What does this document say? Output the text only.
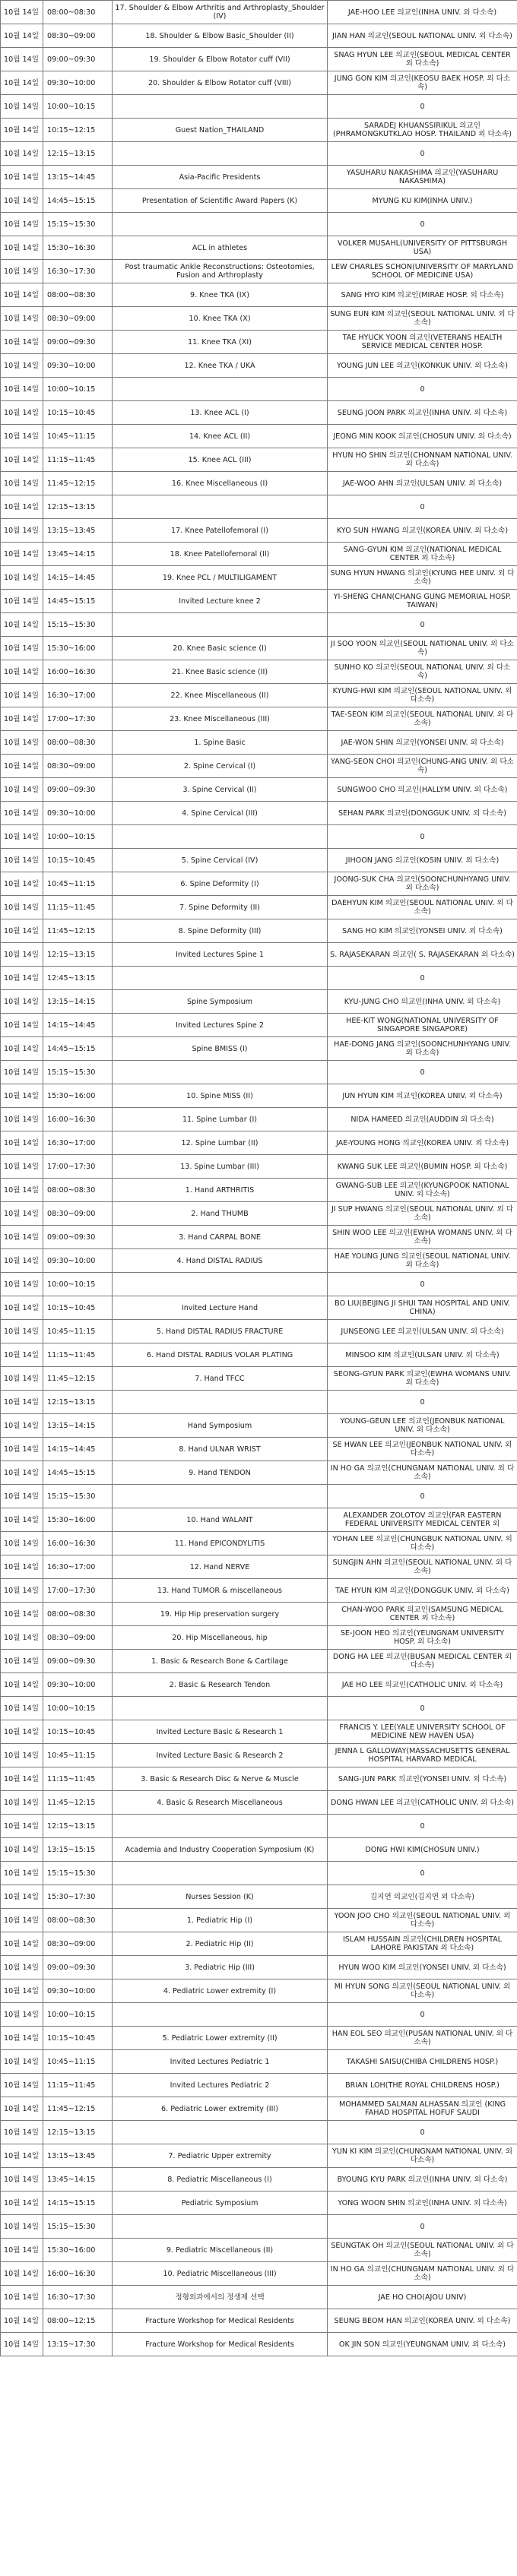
10월 14일	08:00~08:30	17. Shoulder & Elbow Arthritis and Arthroplasty_Shoulder (IV)	JAE-HOO LEE 의교인(INHA UNIV. 외 다소속)
10월 14일	08:30~09:00	18. Shoulder & Elbow Basic_Shoulder (II)	JIAN HAN 의교인(SEOUL NATIONAL UNIV. 외 다소속)
10월 14일	09:00~09:30	19. Shoulder & Elbow Rotator cuff (VII)	SNAG HYUN LEE 의교인(SEOUL MEDICAL CENTER 외 다소속)
10월 14일	09:30~10:00	20. Shoulder & Elbow Rotator cuff (VIII)	JUNG GON KIM 의교인(KEOSU BAEK HOSP. 외 다소속)
10월 14일	10:00~10:15		0
10월 14일	10:15~12:15	Guest Nation_THAILAND	SARADEJ KHUANSSIRIKUL 의교인 (PHRAMONGKUTKLAO HOSP. THAILAND 외 다소속)
10월 14일	12:15~13:15		0
10월 14일	13:15~14:45	Asia-Pacific Presidents	YASUHARU NAKASHIMA 의교인(YASUHARU NAKASHIMA)
10월 14일	14:45~15:15	Presentation of Scientific Award Papers (K)	MYUNG KU KIM(INHA UNIV.)
10월 14일	15:15~15:30		0
10월 14일	15:30~16:30	ACL in athletes	VOLKER MUSAHL(UNIVERSITY OF PITTSBURGH USA)
10월 14일	16:30~17:30	Post traumatic Ankle Reconstructions: Osteotomies, Fusion and Arthroplasty	LEW CHARLES SCHON(UNIVERSITY OF MARYLAND SCHOOL OF MEDICINE USA)
10월 14일	08:00~08:30	9. Knee TKA (IX)	SANG HYO KIM 의교인(MIRAE HOSP. 외 다소속)
10월 14일	08:30~09:00	10. Knee TKA (X)	SUNG EUN KIM 의교인(SEOUL NATIONAL UNIV. 외 다소속)
10월 14일	09:00~09:30	11. Knee TKA (XI)	TAE HYUCK YOON 의교인(VETERANS HEALTH SERVICE MEDICAL CENTER HOSP.
10월 14일	09:30~10:00	12. Knee TKA / UKA	YOUNG JUN LEE 의교인(KONKUK UNIV. 외 다소속)
10월 14일	10:00~10:15		0
10월 14일	10:15~10:45	13. Knee ACL (I)	SEUNG JOON PARK 의교인(INHA UNIV. 외 다소속)
10월 14일	10:45~11:15	14. Knee ACL (II)	JEONG MIN KOOK 의교인(CHOSUN UNIV. 외 다소속)
10월 14일	11:15~11:45	15. Knee ACL (III)	HYUN HO SHIN 의교인(CHONNAM NATIONAL UNIV. 외 다소속)
10월 14일	11:45~12:15	16. Knee Miscellaneous (I)	JAE-WOO AHN 의교인(ULSAN UNIV. 외 다소속)
10월 14일	12:15~13:15		0
10월 14일	13:15~13:45	17. Knee Patellofemoral (I)	KYO SUN HWANG 의교인(KOREA UNIV. 외 다소속)
10월 14일	13:45~14:15	18. Knee Patellofemoral (II)	SANG-GYUN KIM 의교인(NATIONAL MEDICAL CENTER 외 다소속)
10월 14일	14:15~14:45	19. Knee PCL / MULTILIGAMENT	SUNG HYUN HWANG 의교인(KYUNG HEE UNIV. 외 다소속)
10월 14일	14:45~15:15	Invited Lecture knee 2	YI-SHENG CHAN(CHANG GUNG MEMORIAL HOSP. TAIWAN)
10월 14일	15:15~15:30		0
10월 14일	15:30~16:00	20. Knee Basic science (I)	JI SOO YOON 의교인(SEOUL NATIONAL UNIV. 외 다소속)
10월 14일	16:00~16:30	21. Knee Basic science (II)	SUNHO KO 의교인(SEOUL NATIONAL UNIV. 외 다소속)
10월 14일	16:30~17:00	22. Knee Miscellaneous (II)	KYUNG-HWI KIM 의교인(SEOUL NATIONAL UNIV. 외 다소속)
10월 14일	17:00~17:30	23. Knee Miscellaneous (III)	TAE-SEON KIM 의교인(SEOUL NATIONAL UNIV. 외 다소속)
10월 14일	08:00~08:30	1. Spine Basic	JAE-WON SHIN 의교인(YONSEI UNIV. 외 다소속)
10월 14일	08:30~09:00	2. Spine Cervical (I)	YANG-SEON CHOI 의교인(CHUNG-ANG UNIV. 외 다소속)
10월 14일	09:00~09:30	3. Spine Cervical (II)	SUNGWOO CHO 의교인(HALLYM UNIV. 외 다소속)
10월 14일	09:30~10:00	4. Spine Cervical (III)	SEHAN PARK 의교인(DONGGUK UNIV. 외 다소속)
10월 14일	10:00~10:15		0
10월 14일	10:15~10:45	5. Spine Cervical (IV)	JIHOON JANG 의교인(KOSIN UNIV. 외 다소속)
10월 14일	10:45~11:15	6. Spine Deformity (I)	JOONG-SUK CHA 의교인(SOONCHUNHYANG UNIV. 외 다소속)
10월 14일	11:15~11:45	7. Spine Deformity (II)	DAEHYUN KIM 의교인(SEOUL NATIONAL UNIV. 외 다소속)
10월 14일	11:45~12:15	8. Spine Deformity (III)	SANG HO KIM 의교인(YONSEI UNIV. 외 다소속)
10월 14일	12:15~13:15	Invited Lectures Spine 1	S. RAJASEKARAN 의교인( S. RAJASEKARAN 외 다소속)
10월 14일	12:45~13:15		0
10월 14일	13:15~14:15	Spine Symposium	KYU-JUNG CHO 의교인(INHA UNIV. 외 다소속)
10월 14일	14:15~14:45	Invited Lectures Spine 2	HEE-KIT WONG(NATIONAL UNIVERSITY OF SINGAPORE SINGAPORE)
10월 14일	14:45~15:15	Spine BMISS (I)	HAE-DONG JANG 의교인(SOONCHUNHYANG UNIV. 외 다소속)
10월 14일	15:15~15:30		0
10월 14일	15:30~16:00	10. Spine MISS (II)	JUN HYUN KIM 의교인(KOREA UNIV. 외 다소속)
10월 14일	16:00~16:30	11. Spine Lumbar (I)	NIDA HAMEED 의교인(AUDDIN 외 다소속)
10월 14일	16:30~17:00	12. Spine Lumbar (II)	JAE-YOUNG HONG 의교인(KOREA UNIV. 외 다소속)
10월 14일	17:00~17:30	13. Spine Lumbar (III)	KWANG SUK LEE 의교인(BUMIN HOSP. 외 다소속)
10월 14일	08:00~08:30	1. Hand ARTHRITIS	GWANG-SUB LEE 의교인(KYUNGPOOK NATIONAL UNIV. 외 다소속)
10월 14일	08:30~09:00	2. Hand THUMB	JI SUP HWANG 의교인(SEOUL NATIONAL UNIV. 외 다소속)
10월 14일	09:00~09:30	3. Hand CARPAL BONE	SHIN WOO LEE 의교인(EWHA WOMANS UNIV. 외 다소속)
10월 14일	09:30~10:00	4. Hand DISTAL RADIUS	HAE YOUNG JUNG 의교인(SEOUL NATIONAL UNIV. 외 다소속)
10월 14일	10:00~10:15		0
10월 14일	10:15~10:45	Invited Lecture Hand	BO LIU(BEIJING JI SHUI TAN HOSPITAL AND UNIV. CHINA)
10월 14일	10:45~11:15	5. Hand DISTAL RADIUS FRACTURE	JUNSEONG LEE 의교인(ULSAN UNIV. 외 다소속)
10월 14일	11:15~11:45	6. Hand DISTAL RADIUS VOLAR PLATING	MINSOO KIM 의교인(ULSAN UNIV. 외 다소속)
10월 14일	11:45~12:15	7. Hand TFCC	SEONG-GYUN PARK 의교인(EWHA WOMANS UNIV. 외 다소속)
10월 14일	12:15~13:15		0
10월 14일	13:15~14:15	Hand Symposium	YOUNG-GEUN LEE 의교인(JEONBUK NATIONAL UNIV. 외 다소속)
10월 14일	14:15~14:45	8. Hand ULNAR WRIST	SE HWAN LEE 의교인(JEONBUK NATIONAL UNIV. 외 다소속)
10월 14일	14:45~15:15	9. Hand TENDON	IN HO GA 의교인(CHUNGNAM NATIONAL UNIV. 외 다소속)
10월 14일	15:15~15:30		0
10월 14일	15:30~16:00	10. Hand WALANT	ALEXANDER ZOLOTOV 의교인(FAR EASTERN FEDERAL UNIVERSITY MEDICAL CENTER 외
10월 14일	16:00~16:30	11. Hand EPICONDYLITIS	YOHAN LEE 의교인(CHUNGBUK NATIONAL UNIV. 외 다소속)
10월 14일	16:30~17:00	12. Hand NERVE	SUNGJIN AHN 의교인(SEOUL NATIONAL UNIV. 외 다소속)
10월 14일	17:00~17:30	13. Hand TUMOR & miscellaneous	TAE HYUN KIM 의교인(DONGGUK UNIV. 외 다소속)
10월 14일	08:00~08:30	19. Hip Hip preservation surgery	CHAN-WOO PARK 의교인(SAMSUNG MEDICAL CENTER 외 다소속)
10월 14일	08:30~09:00	20. Hip Miscellaneous, hip	SE-JOON HEO 의교인(YEUNGNAM UNIVERSITY HOSP. 외 다소속)
10월 14일	09:00~09:30	1. Basic & Research Bone & Cartilage	DONG HA LEE 의교인(BUSAN MEDICAL CENTER 외 다소속)
10월 14일	09:30~10:00	2. Basic & Research Tendon	JAE HO LEE 의교인(CATHOLIC UNIV. 외 다소속)
10월 14일	10:00~10:15		0
10월 14일	10:15~10:45	Invited Lecture Basic & Research 1	FRANCIS Y. LEE(YALE UNIVERSITY SCHOOL OF MEDICINE NEW HAVEN USA)
10월 14일	10:45~11:15	Invited Lecture Basic & Research 2	JENNA L GALLOWAY(MASSACHUSETTS GENERAL HOSPITAL HARVARD MEDICAL
10월 14일	11:15~11:45	3. Basic & Research Disc & Nerve & Muscle	SANG-JUN PARK 의교인(YONSEI UNIV. 외 다소속)
10월 14일	11:45~12:15	4. Basic & Research Miscellaneous	DONG HWAN LEE 의교인(CATHOLIC UNIV. 외 다소속)
10월 14일	12:15~13:15		0
10월 14일	13:15~15:15	Academia and Industry Cooperation Symposium (K)	DONG HWI KIM(CHOSUN UNIV.)
10월 14일	15:15~15:30		0
10월 14일	15:30~17:30	Nurses Session (K)	김지연 의교인(김지연 외 다소속)
10월 14일	08:00~08:30	1. Pediatric Hip (I)	YOON JOO CHO 의교인(SEOUL NATIONAL UNIV. 외 다소속)
10월 14일	08:30~09:00	2. Pediatric Hip (II)	ISLAM HUSSAIN 의교인(CHILDREN HOSPITAL LAHORE PAKISTAN 외 다소속)
10월 14일	09:00~09:30	3. Pediatric Hip (III)	HYUN WOO KIM 의교인(YONSEI UNIV. 외 다소속)
10월 14일	09:30~10:00	4. Pediatric Lower extremity (I)	MI HYUN SONG 의교인(SEOUL NATIONAL UNIV. 외 다소속)
10월 14일	10:00~10:15		0
10월 14일	10:15~10:45	5. Pediatric Lower extremity (II)	HAN EOL SEO 의교인(PUSAN NATIONAL UNIV. 외 다소속)
10월 14일	10:45~11:15	Invited Lectures Pediatric 1	TAKASHI SAISU(CHIBA CHILDRENS HOSP.)
10월 14일	11:15~11:45	Invited Lectures Pediatric 2	BRIAN LOH(THE ROYAL CHILDRENS HOSP.)
10월 14일	11:45~12:15	6. Pediatric Lower extremity (III)	MOHAMMED SALMAN ALHASSAN 의교인 (KING FAHAD HOSPITAL HOFUF SAUDI
10월 14일	12:15~13:15		0
10월 14일	13:15~13:45	7. Pediatric Upper extremity	YUN KI KIM 의교인(CHUNGNAM NATIONAL UNIV. 외 다소속)
10월 14일	13:45~14:15	8. Pediatric Miscellaneous (I)	BYOUNG KYU PARK 의교인(INHA UNIV. 외 다소속)
10월 14일	14:15~15:15	Pediatric Symposium	YONG WOON SHIN 의교인(INHA UNIV. 외 다소속)
10월 14일	15:15~15:30		0
10월 14일	15:30~16:00	9. Pediatric Miscellaneous (II)	SEUNGTAK OH 의교인(SEOUL NATIONAL UNIV. 외 다소속)
10월 14일	16:00~16:30	10. Pediatric Miscellaneous (III)	IN HO GA 의교인(CHUNGNAM NATIONAL UNIV. 외 다소속)
10월 14일	16:30~17:30	정형외과에서의 정생제 선택	JAE HO CHO(AJOU UNIV)
10월 14일	08:00~12:15	Fracture Workshop for Medical Residents	SEUNG BEOM HAN 의교인(KOREA UNIV. 외 다소속)
10월 14일	13:15~17:30	Fracture Workshop for Medical Residents	OK JIN SON 의교인(YEUNGNAM UNIV. 외 다소속)
